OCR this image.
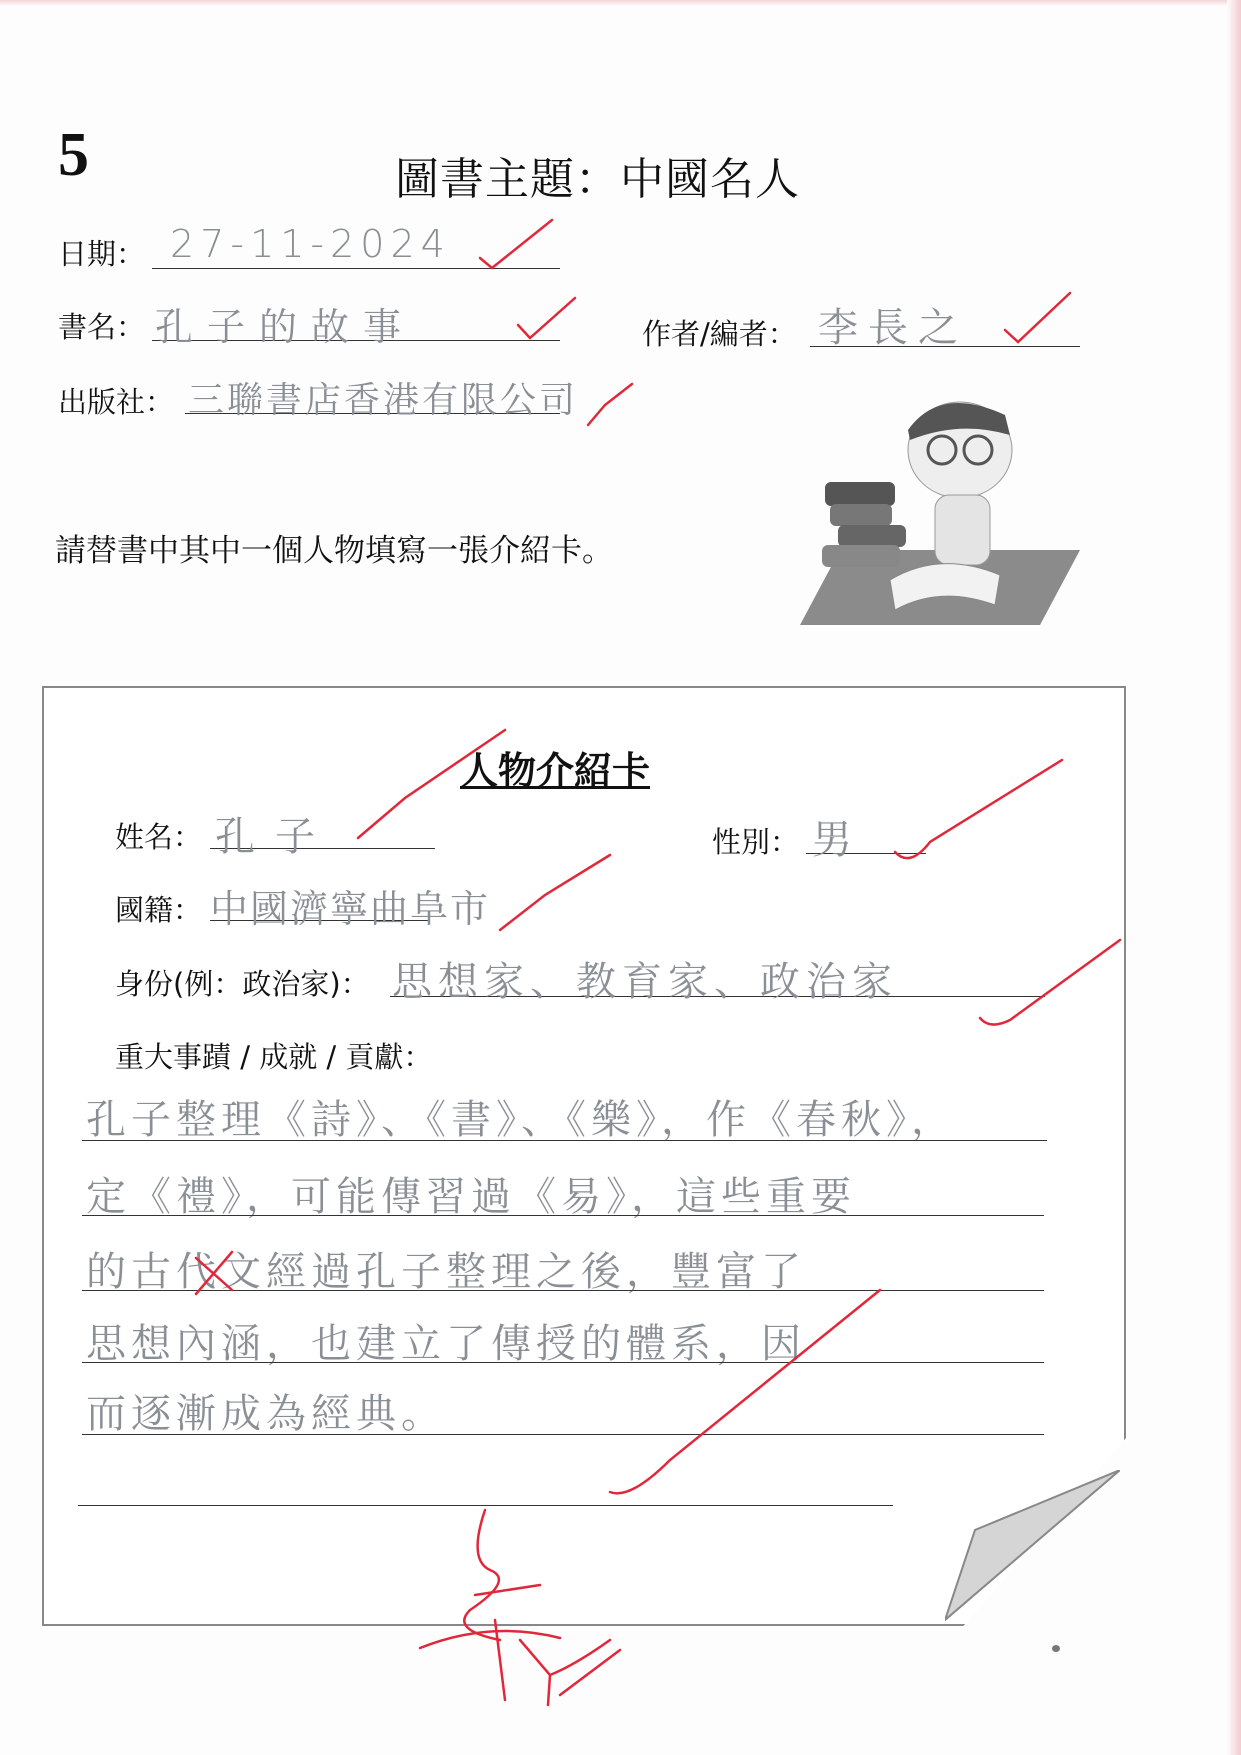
5	圖書主題：中國名人
日期： 27-11-2024
書名： 孔子的故事	作者/編者： 李長之
出版社： 三聯書店香港有限公司
請替書中其中一個人物填寫一張介紹卡。
人物介紹卡
姓名： 孔子	性別： 男
國籍： 中國濟寧曲阜市
身份(例：政治家)： 思想家、教育家、政治家
重大事蹟 / 成就 / 貢獻：
孔子整理《詩》、《書》、《樂》，作《春秋》，
定《禮》，可能傳習過《易》，這些重要
的古代文經過孔子整理之後，豐富了
思想內涵，也建立了傳授的體系，因
而逐漸成為經典。
